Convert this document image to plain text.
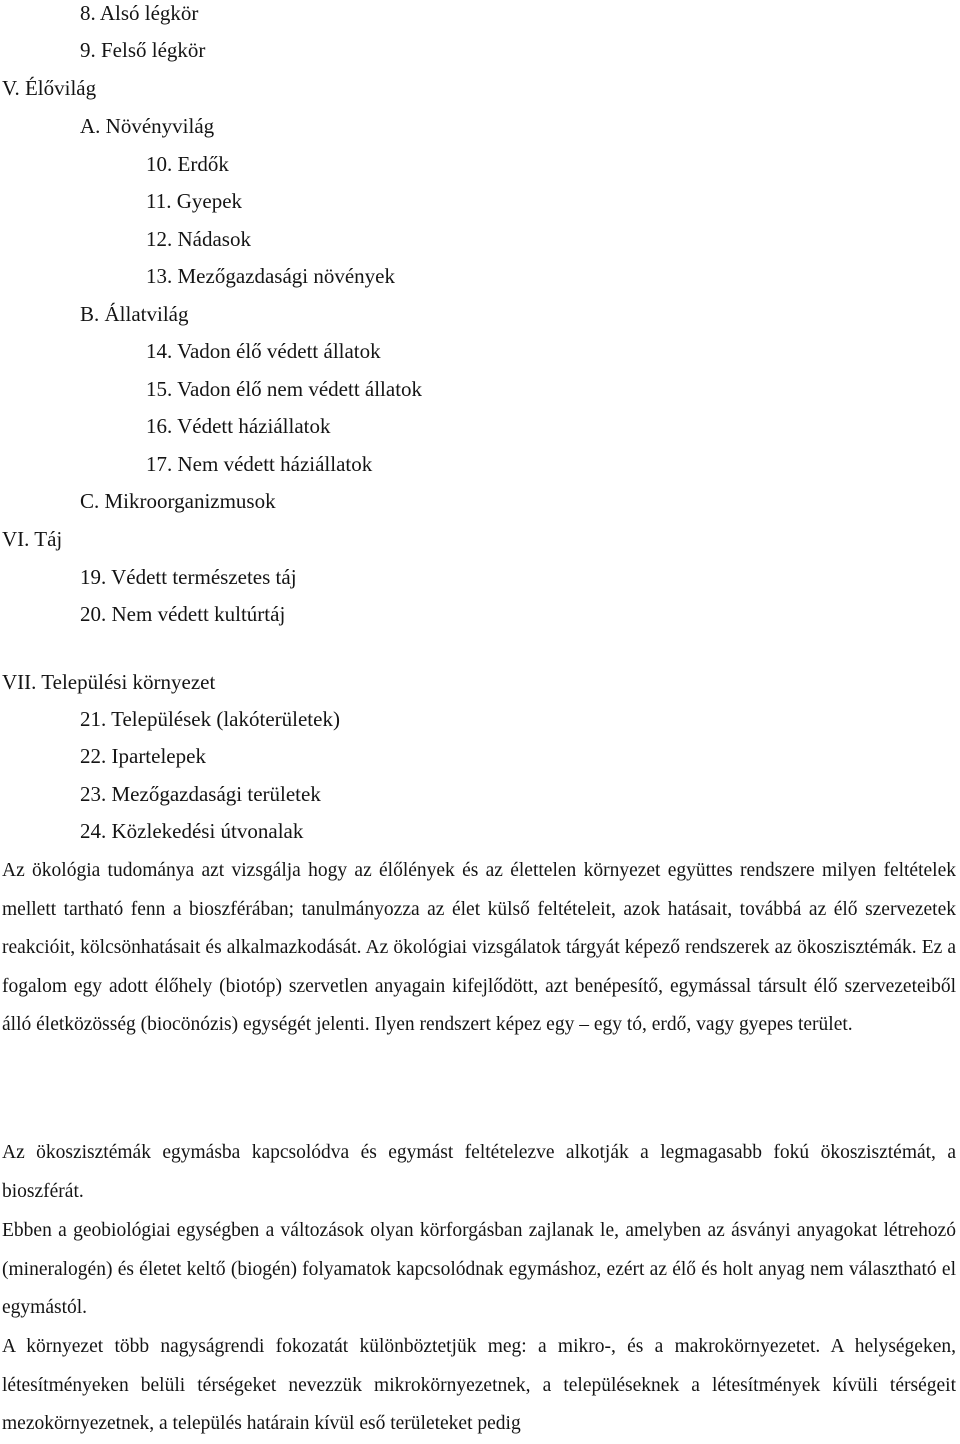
8. Alsó légkör
9. Felső légkör
V. Élővilág
A. Növényvilág
10. Erdők
11. Gyepek
12. Nádasok
13. Mezőgazdasági növények
B. Állatvilág
14. Vadon élő védett állatok
15. Vadon élő nem védett állatok
16. Védett háziállatok
17. Nem védett háziállatok
C. Mikroorganizmusok
VI. Táj
19. Védett természetes táj
20. Nem védett kultúrtáj
VII. Települési környezet
21. Települések (lakóterületek)
22. Ipartelepek
23. Mezőgazdasági területek
24. Közlekedési útvonalak

Az ökológia tudománya azt vizsgálja hogy az élőlények és az élettelen környezet együttes rendszere milyen feltételek mellett tartható fenn a bioszférában; tanulmányozza az élet külső feltételeit, azok hatásait, továbbá az élő szervezetek reakcióit, kölcsönhatásait és alkalmazkodását. Az ökológiai vizsgálatok tárgyát képező rendszerek az ökoszisztémák. Ez a fogalom egy adott élőhely (biotóp) szervetlen anyagain kifejlődött, azt benépesítő, egymással társult élő szervezeteiből álló életközösség (biocönózis) egységét jelenti. Ilyen rendszert képez egy – egy tó, erdő, vagy gyepes terület.

Az ökoszisztémák egymásba kapcsolódva és egymást feltételezve alkotják a legmagasabb fokú ökoszisztémát, a bioszférát.

Ebben a geobiológiai egységben a változások olyan körforgásban zajlanak le, amelyben az ásványi anyagokat létrehozó (mineralogén) és életet keltő (biogén) folyamatok kapcsolódnak egymáshoz, ezért az élő és holt anyag nem választható el egymástól.

A környezet több nagyságrendi fokozatát különböztetjük meg: a mikro-, és a makrokörnyezetet. A helységeken, létesítményeken belüli térségeket nevezzük mikrokörnyezetnek, a településeknek a létesítmények kívüli térségeit mezokörnyezetnek, a település határain kívül eső területeket pedig
